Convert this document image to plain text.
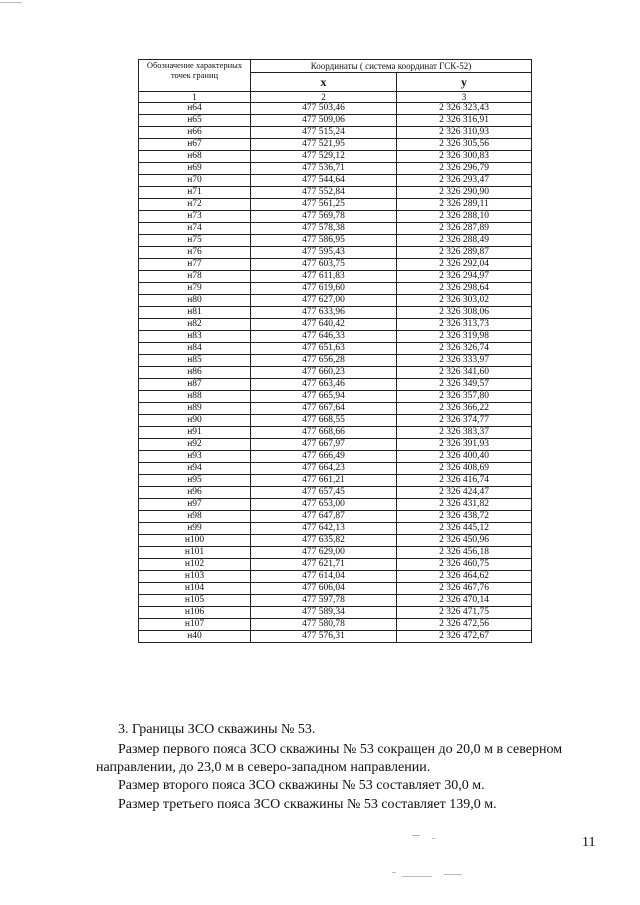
Обозначение характерных точек границ	Координаты ( система координат ГСК-52)	
	x	y
1	2	3
н64	477 503,46	2 326 323,43
н65	477 509,06	2 326 316,91
н66	477 515,24	2 326 310,93
н67	477 521,95	2 326 305,56
н68	477 529,12	2 326 300,83
н69	477 536,71	2 326 296,79
н70	477 544,64	2 326 293,47
н71	477 552,84	2 326 290,90
н72	477 561,25	2 326 289,11
н73	477 569,78	2 326 288,10
н74	477 578,38	2 326 287,89
н75	477 586,95	2 326 288,49
н76	477 595,43	2 326 289,87
н77	477 603,75	2 326 292,04
н78	477 611,83	2 326 294,97
н79	477 619,60	2 326 298,64
н80	477 627,00	2 326 303,02
н81	477 633,96	2 326 308,06
н82	477 640,42	2 326 313,73
н83	477 646,33	2 326 319,98
н84	477 651,63	2 326 326,74
н85	477 656,28	2 326 333,97
н86	477 660,23	2 326 341,60
н87	477 663,46	2 326 349,57
н88	477 665,94	2 326 357,80
н89	477 667,64	2 326 366,22
н90	477 668,55	2 326 374,77
н91	477 668,66	2 326 383,37
н92	477 667,97	2 326 391,93
н93	477 666,49	2 326 400,40
н94	477 664,23	2 326 408,69
н95	477 661,21	2 326 416,74
н96	477 657,45	2 326 424,47
н97	477 653,00	2 326 431,82
н98	477 647,87	2 326 438,72
н99	477 642,13	2 326 445,12
н100	477 635,82	2 326 450,96
н101	477 629,00	2 326 456,18
н102	477 621,71	2 326 460,75
н103	477 614,04	2 326 464,62
н104	477 606,04	2 326 467,76
н105	477 597,78	2 326 470,14
н106	477 589,34	2 326 471,75
н107	477 580,78	2 326 472,56
н40	477 576,31	2 326 472,67
3. Границы ЗСО скважины № 53.
Размер первого пояса ЗСО скважины № 53 сокращен до 20,0 м в северном направлении, до 23,0 м в северо-западном направлении.
Размер второго пояса ЗСО скважины № 53 составляет 30,0 м.
Размер третьего пояса ЗСО скважины № 53 составляет 139,0 м.
11
